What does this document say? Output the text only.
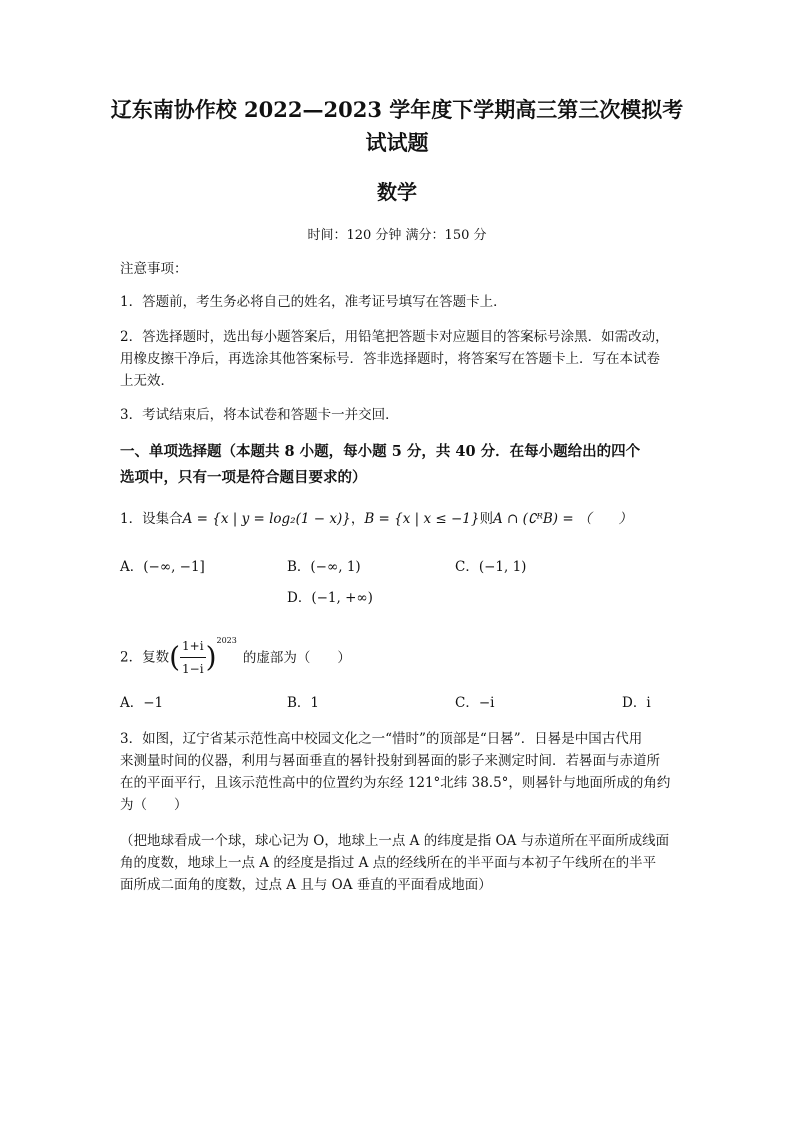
辽东南协作校 2022—2023 学年度下学期高三第三次模拟考
试试题
数学
时间：120 分钟 满分：150 分
注意事项：
1．答题前，考生务必将自己的姓名，准考证号填写在答题卡上．
2．答选择题时，选出每小题答案后，用铅笔把答题卡对应题目的答案标号涂黑．如需改动，
用橡皮擦干净后，再选涂其他答案标号．答非选择题时，将答案写在答题卡上．写在本试卷
上无效．
3．考试结束后，将本试卷和答题卡一并交回．
一、单项选择题（本题共 8 小题，每小题 5 分，共 40 分．在每小题给出的四个
选项中，只有一项是符合题目要求的）
1．设集合A = {x | y = log₂(1 − x)}，B = {x | x ≤ −1}则A ∩ (∁ᴿB) = （　　）
A．(−∞, −1]	B．(−∞, 1)	C．(−1, 1)
D．(−1, +∞)
2．复数( $\frac{1+i}{1-i} )^{2023}$的虚部为（　　）
A．−1	B．1	C．−i	D．i
3．如图，辽宁省某示范性高中校园文化之一“惜时”的顶部是“日晷”．日晷是中国古代用
来测量时间的仪器，利用与晷面垂直的晷针投射到晷面的影子来测定时间．若晷面与赤道所
在的平面平行，且该示范性高中的位置约为东经 121°北纬 38.5°，则晷针与地面所成的角约
为（　　）
（把地球看成一个球，球心记为 O，地球上一点 A 的纬度是指 OA 与赤道所在平面所成线面
角的度数，地球上一点 A 的经度是指过 A 点的经线所在的半平面与本初子午线所在的半平
面所成二面角的度数，过点 A 且与 OA 垂直的平面看成地面）
